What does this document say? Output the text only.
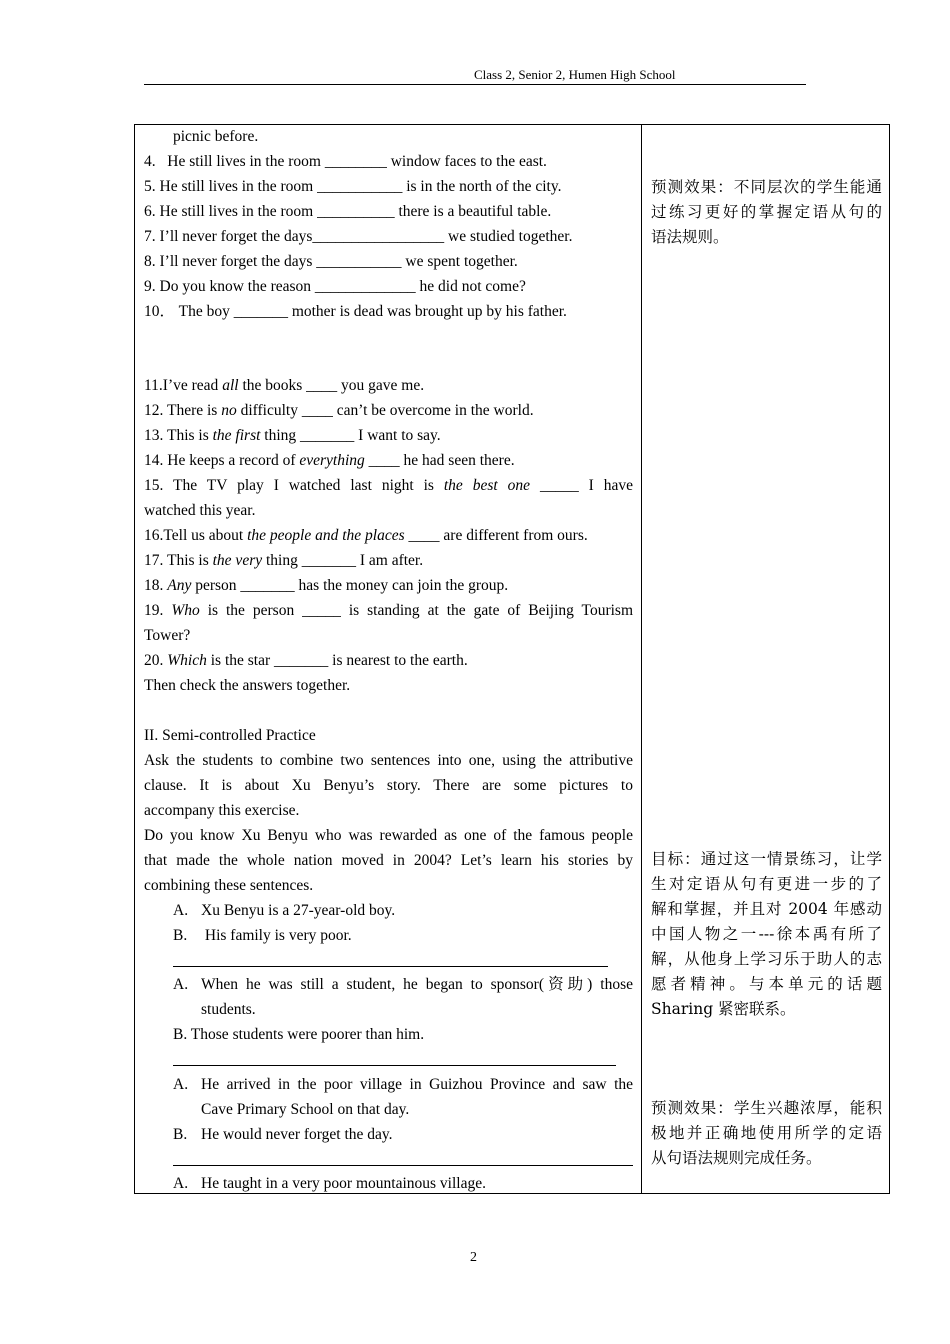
Class 2, Senior 2, Humen High School
picnic before.
4.   He still lives in the room ________ window faces to the east.
5. He still lives in the room ___________ is in the north of the city.
6. He still lives in the room __________ there is a beautiful table.
7. I’ll never forget the days_________________ we studied together.
8. I’ll never forget the days ___________ we spent together.
9. Do you know the reason _____________ he did not come?
10． The boy _______ mother is dead was brought up by his father.
11.I’ve read all the books ____ you gave me.
12. There is no difficulty ____ can’t be overcome in the world.
13. This is the first thing _______ I want to say.
14. He keeps a record of everything ____ he had seen there.
15. The TV play I watched last night is the best one _____ I have
watched this year.
16.Tell us about the people and the places ____ are different from ours.
17. This is the very thing _______ I am after.
18. Any person _______ has the money can join the group.
19. Who is the person _____ is standing at the gate of Beijing Tourism
Tower?
20. Which is the star _______ is nearest to the earth.
Then check the answers together.
II. Semi-controlled Practice
Ask the students to combine two sentences into one, using the attributive
clause. It is about Xu Benyu’s story. There are some pictures to
accompany this exercise.
Do you know Xu Benyu who was rewarded as one of the famous people
that made the whole nation moved in 2004? Let’s learn his stories by
combining these sentences.
A. Xu Benyu is a 27-year-old boy.
B. His family is very poor.
A. When he was still a student, he began to sponsor(资助) those
students.
B. Those students were poorer than him.
A. He arrived in the poor village in Guizhou Province and saw the
Cave Primary School on that day.
B. He would never forget the day.
A. He taught in a very poor mountainous village.
预测效果：不同层次的学生能通
过练习更好的掌握定语从句的
语法规则。
目标：通过这一情景练习，让学
生对定语从句有更进一步的了
解和掌握，并且对 2004 年感动
中国人物之一---徐本禹有所了
解，从他身上学习乐于助人的志
愿者精神。与本单元的话题
Sharing 紧密联系。
预测效果：学生兴趣浓厚，能积
极地并正确地使用所学的定语
从句语法规则完成任务。
2
